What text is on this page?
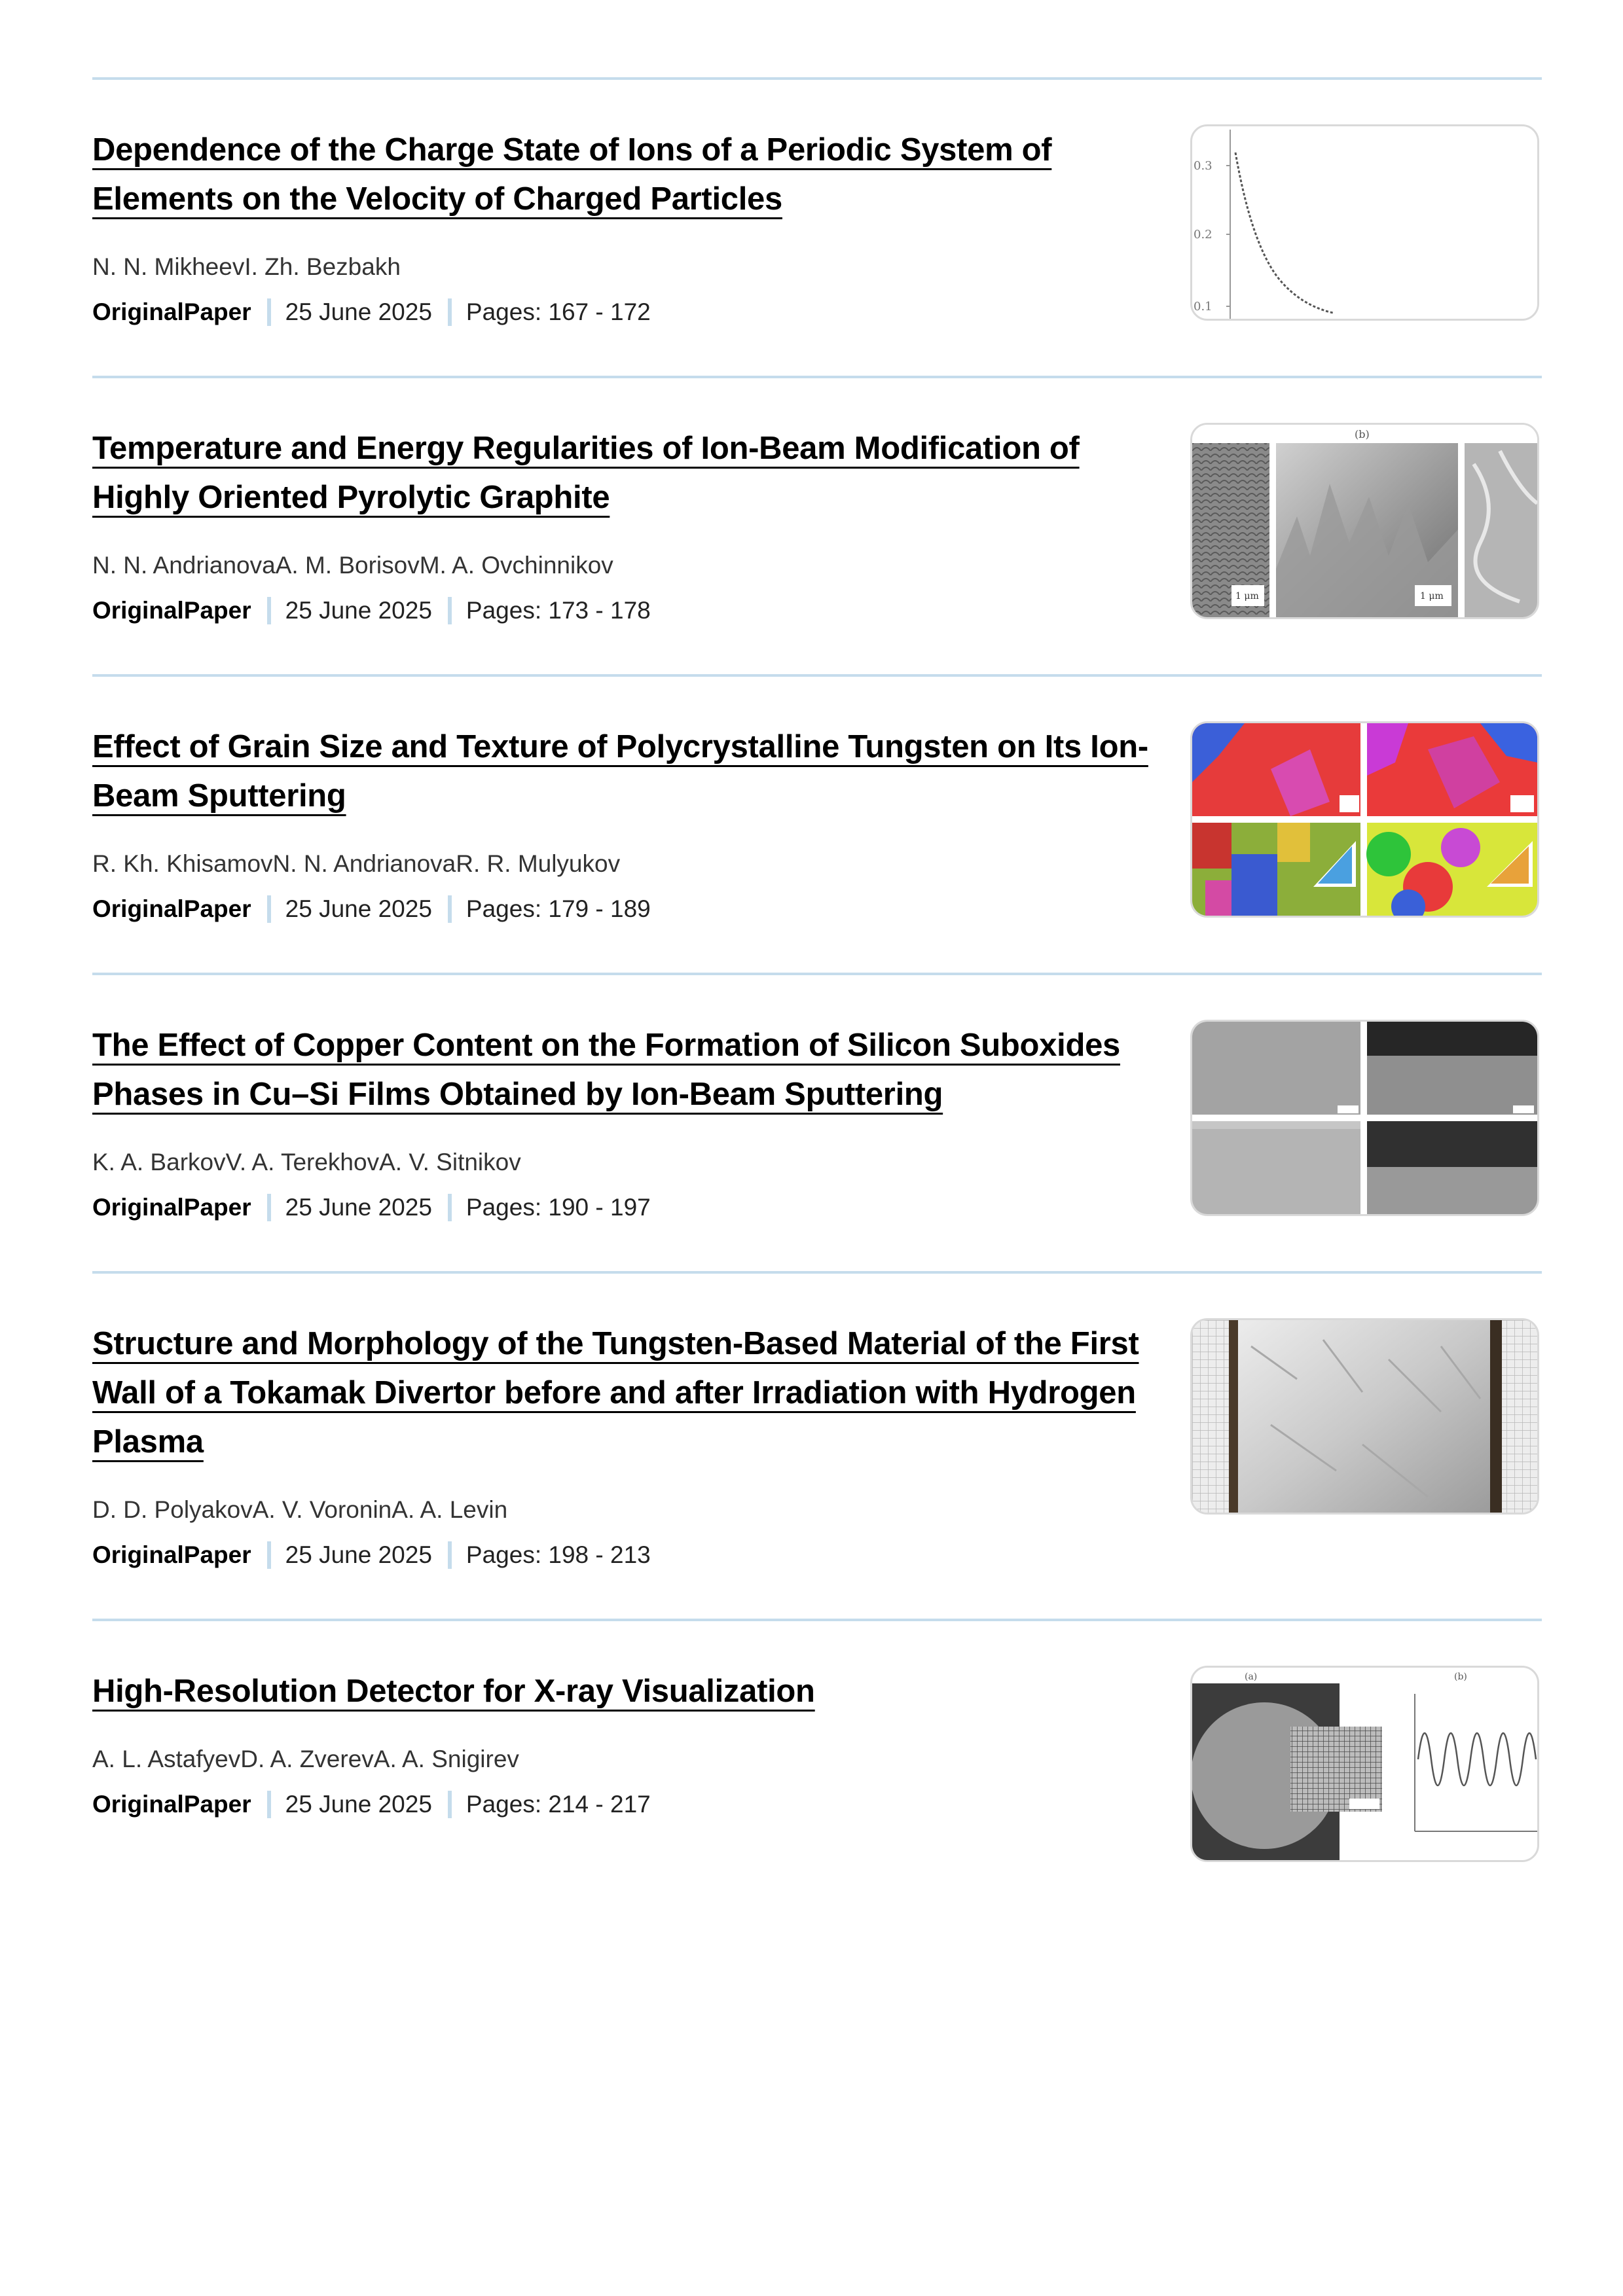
Dependence of the Charge State of Ions of a Periodic System of Elements on the Velocity of Charged Particles

N. N. MikheevI. Zh. Bezbakh

OriginalPaper 25 June 2025 Pages: 167 - 172
0.3
0.2
0.1

Temperature and Energy Regularities of Ion-Beam Modification of Highly Oriented Pyrolytic Graphite

N. N. AndrianovaA. M. BorisovM. A. Ovchinnikov

OriginalPaper 25 June 2025 Pages: 173 - 178
(b)
1 μm	1 μm

Effect of Grain Size and Texture of Polycrystalline Tungsten on Its Ion-Beam Sputtering

R. Kh. KhisamovN. N. AndrianovaR. R. Mulyukov

OriginalPaper 25 June 2025 Pages: 179 - 189

The Effect of Copper Content on the Formation of Silicon Suboxides Phases in Cu–Si Films Obtained by Ion-Beam Sputtering

K. A. BarkovV. A. TerekhovA. V. Sitnikov

OriginalPaper 25 June 2025 Pages: 190 - 197

Structure and Morphology of the Tungsten-Based Material of the First Wall of a Tokamak Divertor before and after Irradiation with Hydrogen Plasma

D. D. PolyakovA. V. VoroninA. A. Levin

OriginalPaper 25 June 2025 Pages: 198 - 213

High-Resolution Detector for X-ray Visualization

A. L. AstafyevD. A. ZverevA. A. Snigirev

OriginalPaper 25 June 2025 Pages: 214 - 217
(a)	(b)
